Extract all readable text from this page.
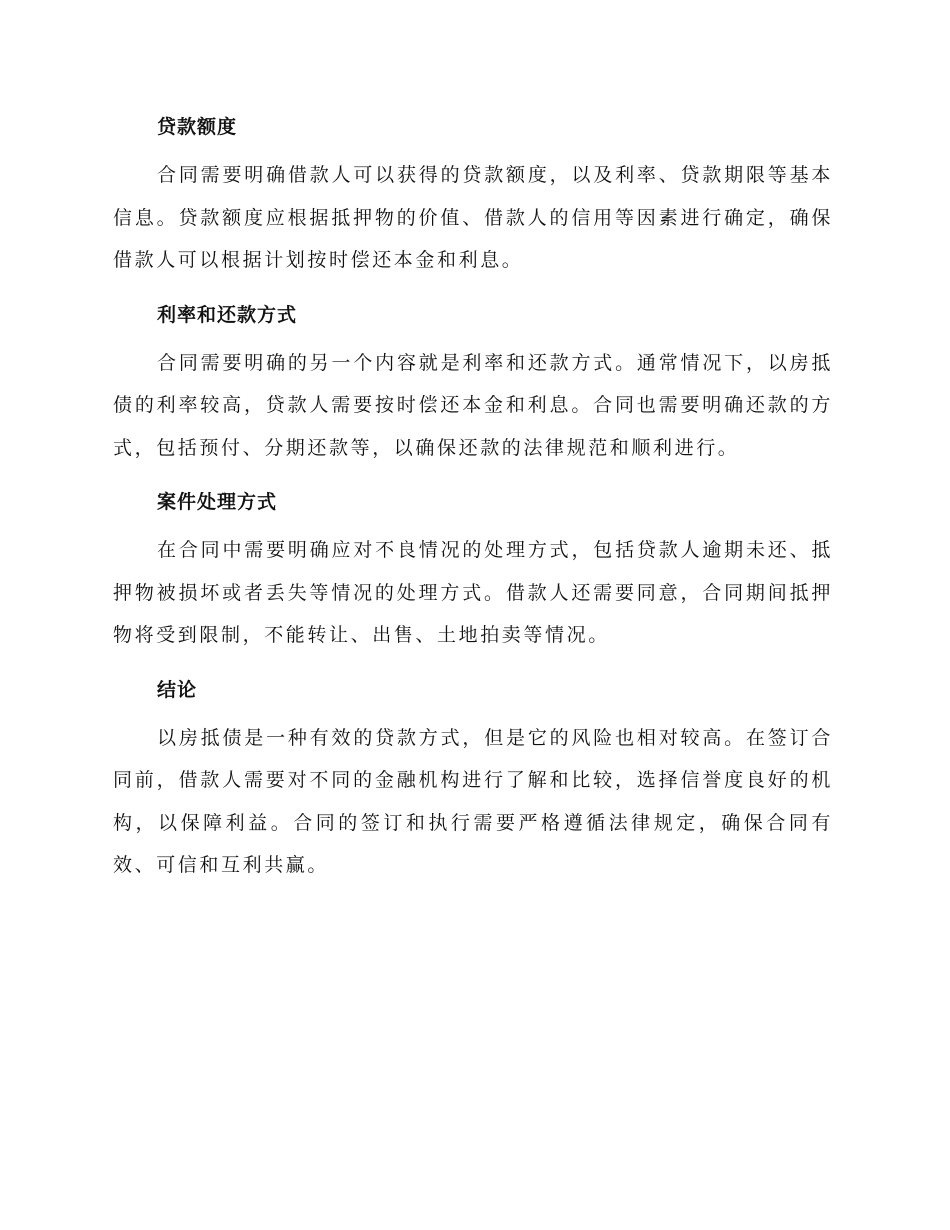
贷款额度

合同需要明确借款人可以获得的贷款额度，以及利率、贷款期限等基本信息。贷款额度应根据抵押物的价值、借款人的信用等因素进行确定，确保借款人可以根据计划按时偿还本金和利息。

利率和还款方式

合同需要明确的另一个内容就是利率和还款方式。通常情况下，以房抵债的利率较高，贷款人需要按时偿还本金和利息。合同也需要明确还款的方式，包括预付、分期还款等，以确保还款的法律规范和顺利进行。

案件处理方式

在合同中需要明确应对不良情况的处理方式，包括贷款人逾期未还、抵押物被损坏或者丢失等情况的处理方式。借款人还需要同意，合同期间抵押物将受到限制，不能转让、出售、土地拍卖等情况。

结论

以房抵债是一种有效的贷款方式，但是它的风险也相对较高。在签订合同前，借款人需要对不同的金融机构进行了解和比较，选择信誉度良好的机构，以保障利益。合同的签订和执行需要严格遵循法律规定，确保合同有效、可信和互利共赢。
